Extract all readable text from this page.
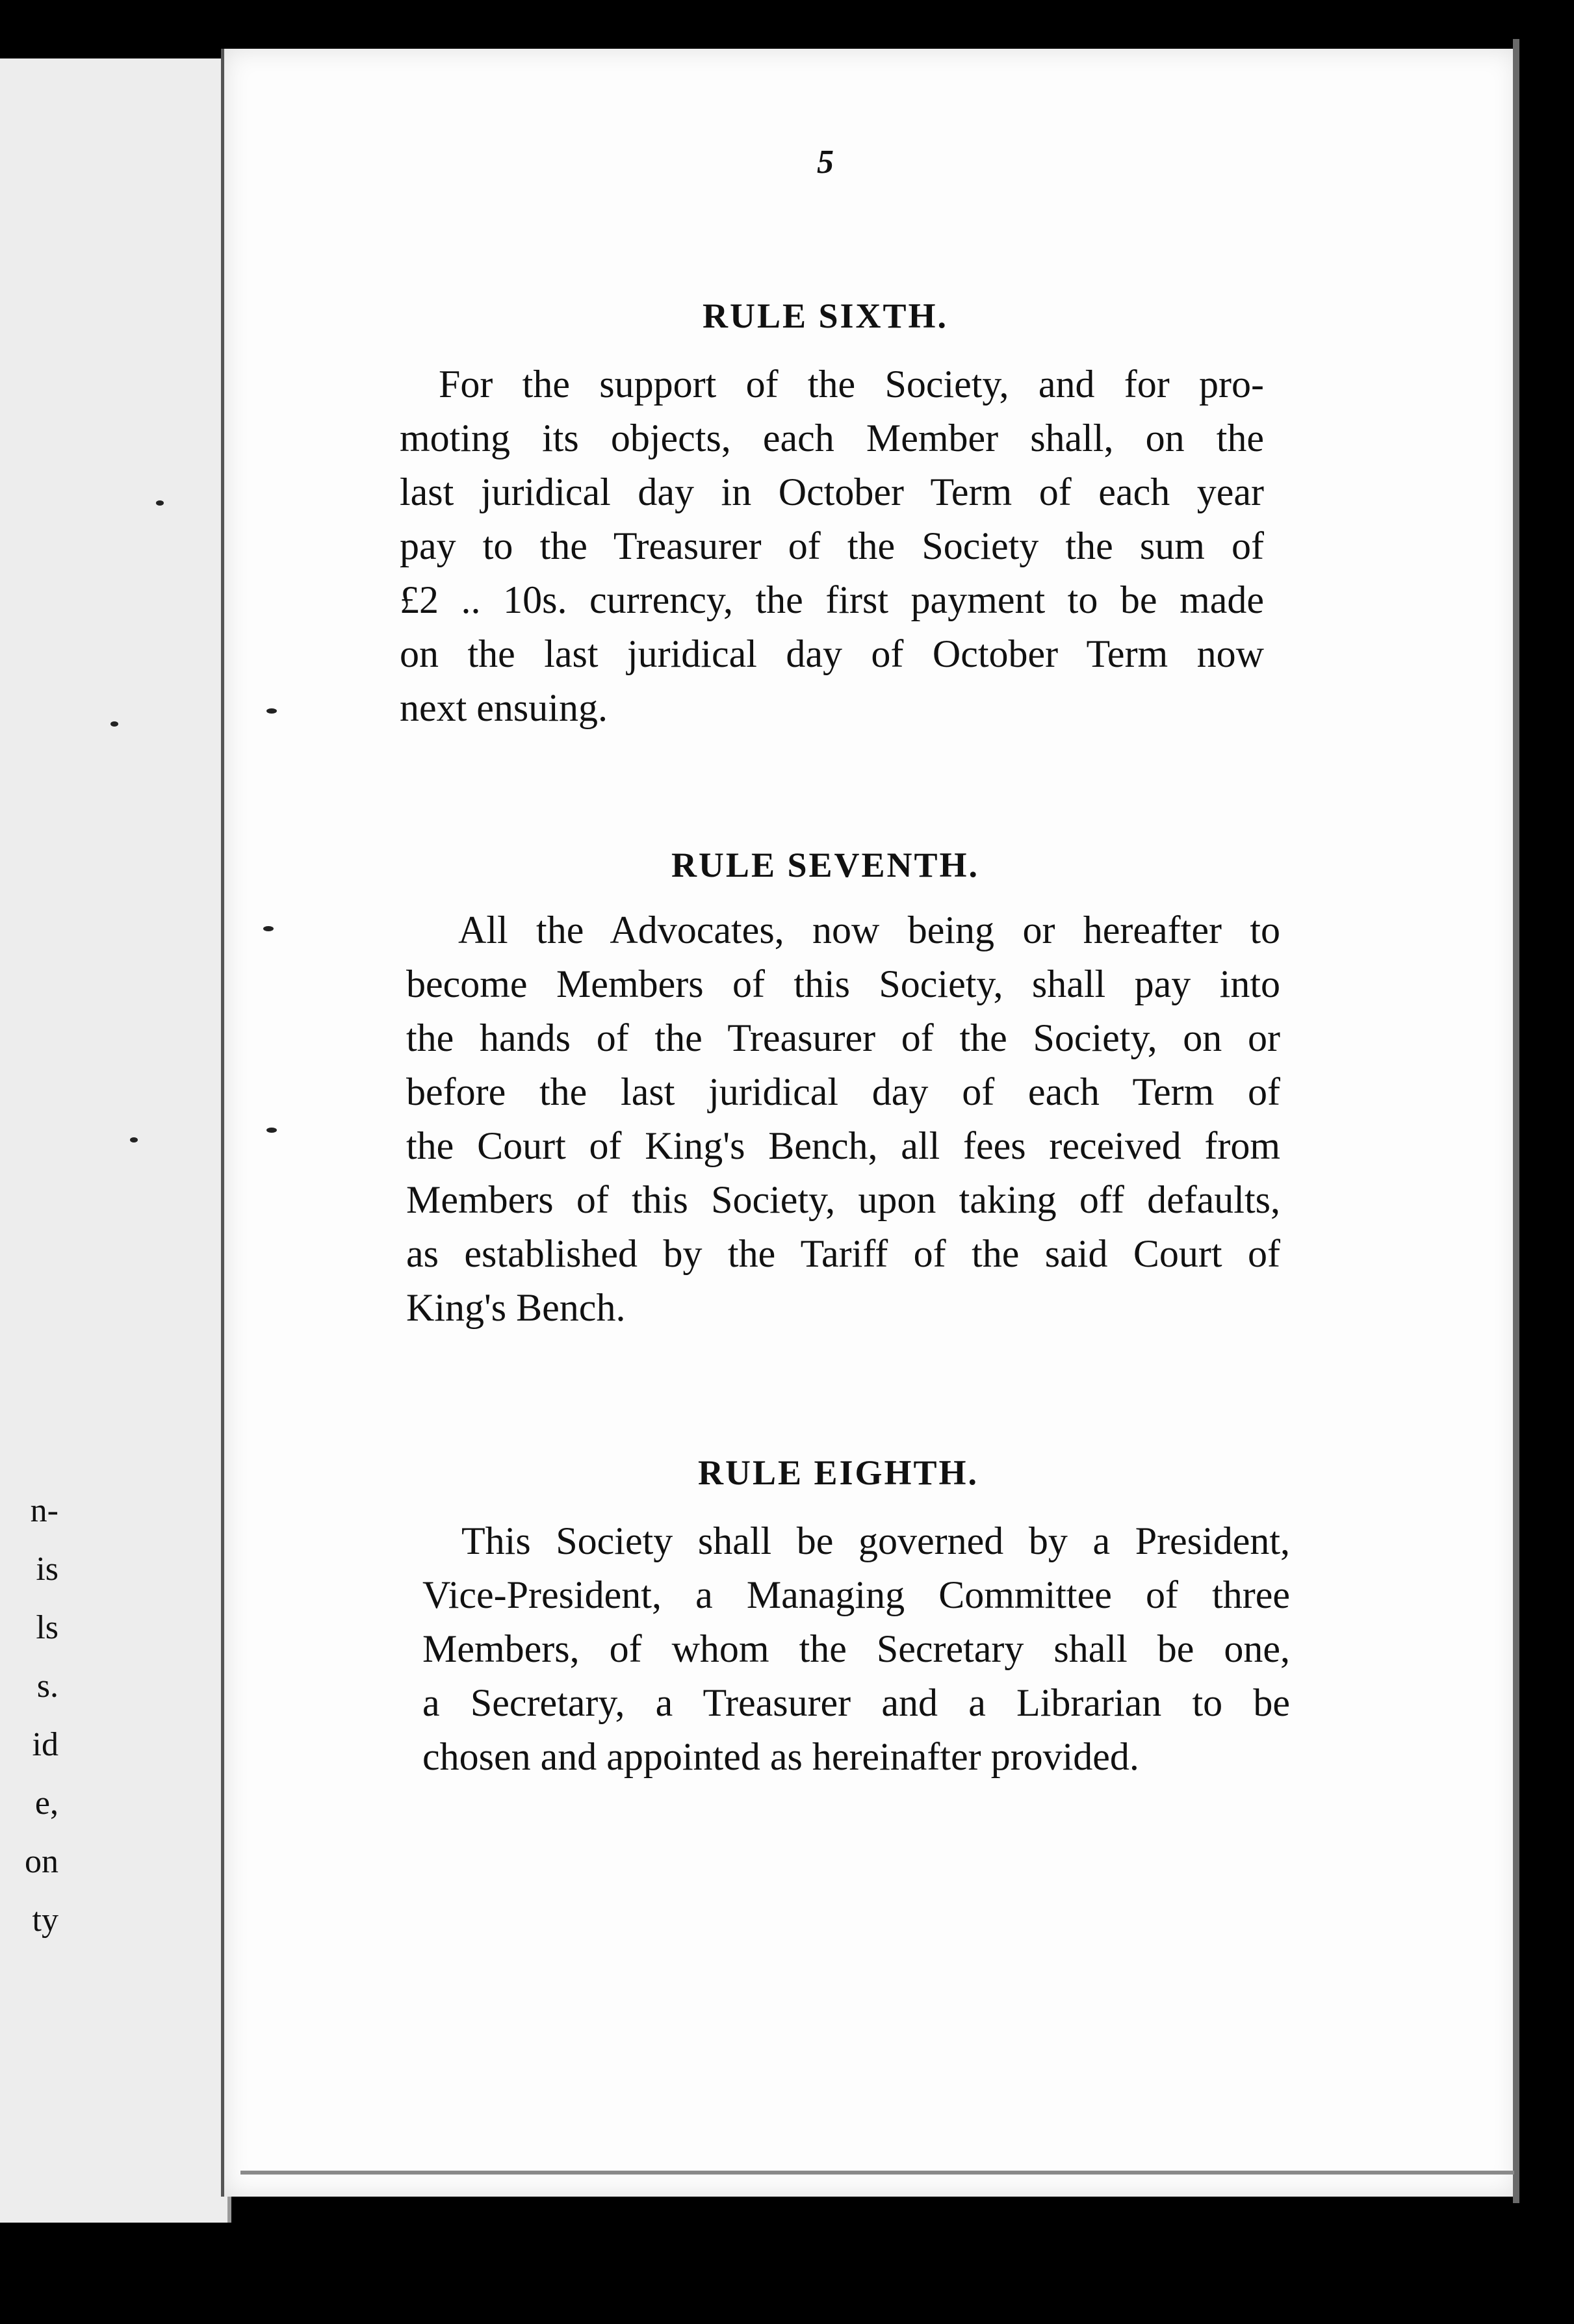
n-
is
ls
s.
id
e,
on
ty
5
RULE SIXTH.
For the support of the Society, and for pro-
moting its objects, each Member shall, on the
last juridical day in October Term of each year
pay to the Treasurer of the Society the sum of
£2 .. 10s. currency, the first payment to be made
on the last juridical day of October Term now
next ensuing.
RULE SEVENTH.
All the Advocates, now being or hereafter to
become Members of this Society, shall pay into
the hands of the Treasurer of the Society, on or
before the last juridical day of each Term of
the Court of King's Bench, all fees received from
Members of this Society, upon taking off defaults,
as established by the Tariff of the said Court of
King's Bench.
RULE EIGHTH.
This Society shall be governed by a President,
Vice-President, a Managing Committee of three
Members, of whom the Secretary shall be one,
a Secretary, a Treasurer and a Librarian to be
chosen and appointed as hereinafter provided.
